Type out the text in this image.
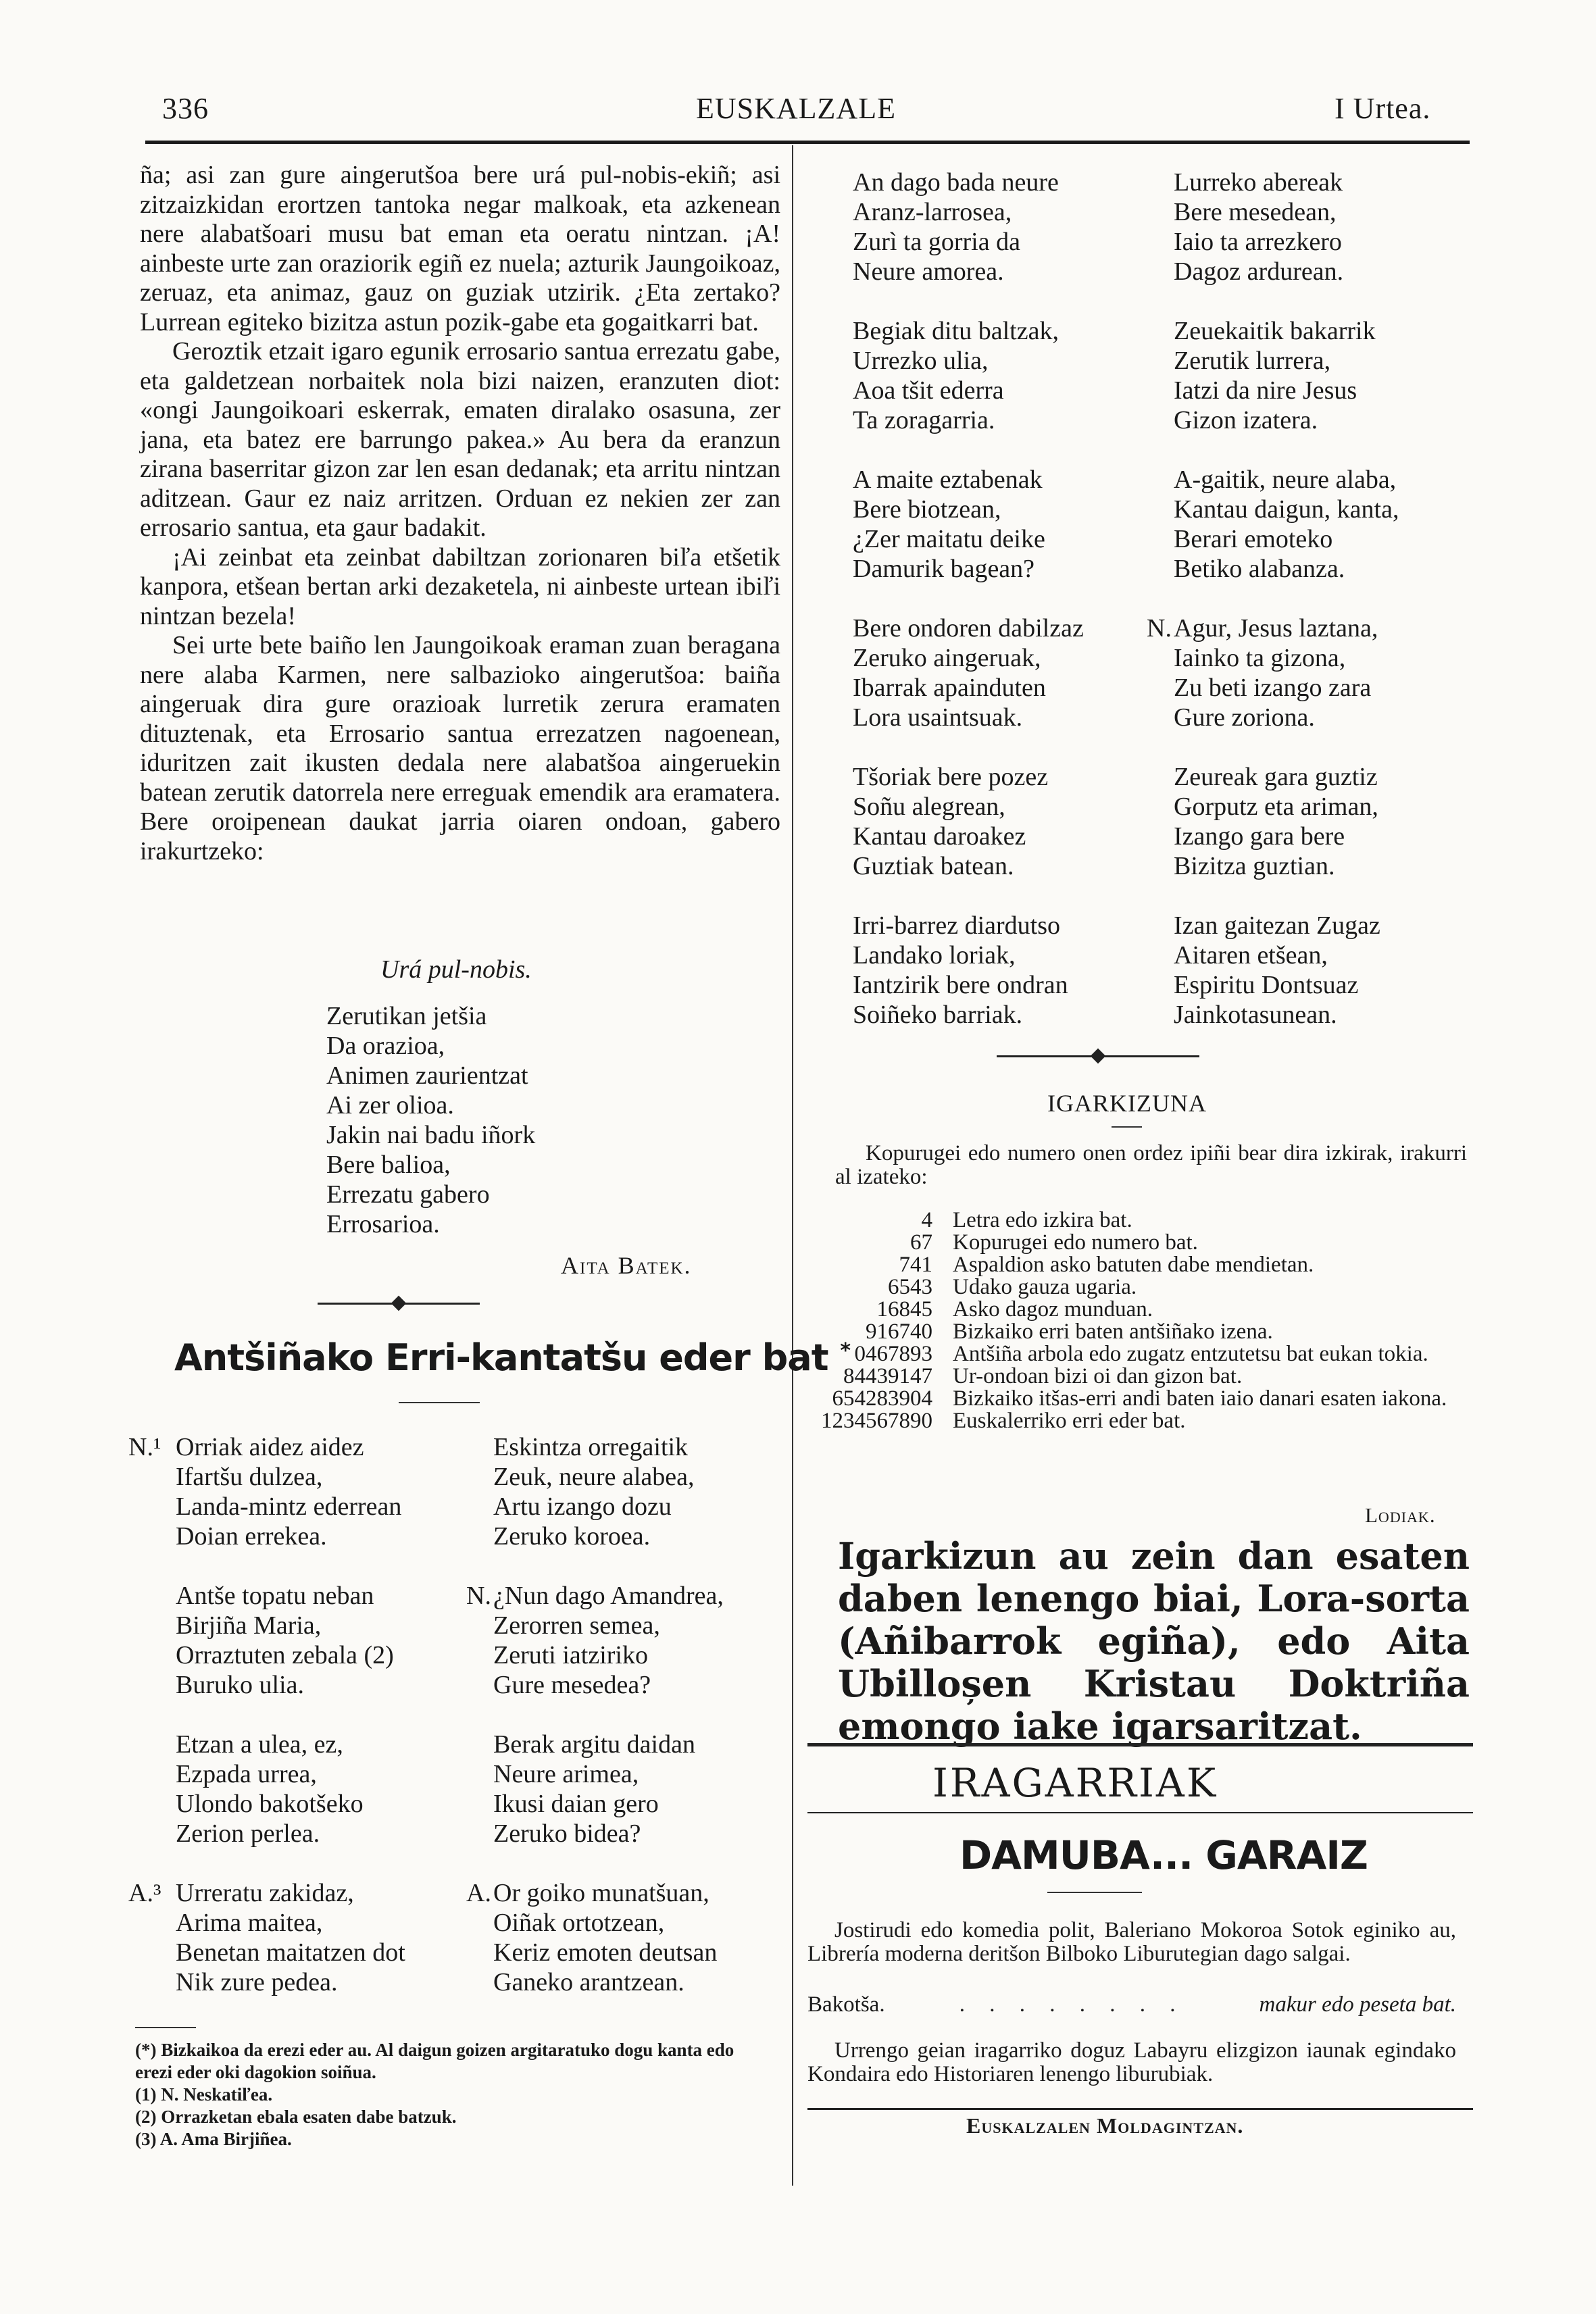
336	EUSKALZALE	I Urtea.

ña; asi zan gure aingerutšoa bere urá pul-nobis-ekiñ; asi zitzaizkidan erortzen tantoka negar malkoak, eta azkenean nere alabatšoari musu bat eman eta oeratu nintzan. ¡A! ainbeste urte zan oraziorik egiñ ez nuela; azturik Jaungoikoaz, zeruaz, eta animaz, gauz on guziak utzirik. ¿Eta zertako? Lurrean egiteko bizitza astun pozik-gabe eta gogaitkarri bat.

Geroztik etzait igaro egunik errosario santua errezatu gabe, eta galdetzean norbaitek nola bizi naizen, eranzuten diot: «ongi Jaungoikoari eskerrak, ematen diralako osasuna, zer jana, eta batez ere barrungo pakea.» Au bera da eranzun zirana baserritar gizon zar len esan dedanak; eta arritu nintzan aditzean. Gaur ez naiz arritzen. Orduan ez nekien zer zan errosario santua, eta gaur badakit.

¡Ai zeinbat eta zeinbat dabiltzan zorionaren biľa etšetik kanpora, etšean bertan arki dezaketela, ni ainbeste urtean ibiľi nintzan bezela!

Sei urte bete baiño len Jaungoikoak eraman zuan beragana nere alaba Karmen, nere salbazioko aingerutšoa: baiña aingeruak dira gure orazioak lurretik zerura eramaten dituztenak, eta Errosario santua errezatzen nagoenean, iduritzen zait ikusten dedala nere alabatšoa aingeruekin batean zerutik datorrela nere erreguak emendik ara eramatera. Bere oroipenean daukat jarria oiaren ondoan, gabero irakurtzeko:

Urá pul-nobis.
Zerutikan jetšia
Da orazioa,
Animen zaurientzat
Ai zer olioa.
Jakin nai badu iñork
Bere balioa,
Errezatu gabero
Errosarioa.
Aita Batek.
Antšiñako Erri-kantatšu eder bat *
N.¹ Orriak aidez aidez
Ifartšu dulzea,
Landa-mintz ederrean
Doian errekea.
Eskintza orregaitik
Zeuk, neure alabea,
Artu izango dozu
Zeruko koroea.
Antše topatu neban
Birjiña Maria,
Orraztuten zebala (2)
Buruko ulia.
N. ¿Nun dago Amandrea,
Zerorren semea,
Zeruti iatziriko
Gure mesedea?
Etzan a ulea, ez,
Ezpada urrea,
Ulondo bakotšeko
Zerion perlea.
Berak argitu daidan
Neure arimea,
Ikusi daian gero
Zeruko bidea?
A.³ Urreratu zakidaz,
Arima maitea,
Benetan maitatzen dot
Nik zure pedea.
A. Or goiko munatšuan,
Oiñak ortotzean,
Keriz emoten deutsan
Ganeko arantzean.
(*) Bizkaikoa da erezi eder au. Al daigun goizen argitaratuko dogu kanta edo erezi eder oki dagokion soiñua.
(1) N. Neskatiľea.
(2) Orrazketan ebala esaten dabe batzuk.
(3) A. Ama Birjiñea.
An dago bada neure
Aranz-larrosea,
Zurì ta gorria da
Neure amorea.
Lurreko abereak
Bere mesedean,
Iaio ta arrezkero
Dagoz ardurean.
Begiak ditu baltzak,
Urrezko ulia,
Aoa tšit ederra
Ta zoragarria.
Zeuekaitik bakarrik
Zerutik lurrera,
Iatzi da nire Jesus
Gizon izatera.
A maite eztabenak
Bere biotzean,
¿Zer maitatu deike
Damurik bagean?
A-gaitik, neure alaba,
Kantau daigun, kanta,
Berari emoteko
Betiko alabanza.
Bere ondoren dabilzaz
Zeruko aingeruak,
Ibarrak apainduten
Lora usaintsuak.
N. Agur, Jesus laztana,
Iainko ta gizona,
Zu beti izango zara
Gure zoriona.
Tšoriak bere pozez
Soñu alegrean,
Kantau daroakez
Guztiak batean.
Zeureak gara guztiz
Gorputz eta ariman,
Izango gara bere
Bizitza guztian.
Irri-barrez diardutso
Landako loriak,
Iantzirik bere ondran
Soiñeko barriak.
Izan gaitezan Zugaz
Aitaren etšean,
Espiritu Dontsuaz
Jainkotasunean.
IGARKIZUNA
Kopurugei edo numero onen ordez ipiñi bear dira izkirak, irakurri al izateko:
4 Letra edo izkira bat.
67 Kopurugei edo numero bat.
741 Aspaldion asko batuten dabe mendietan.
6543 Udako gauza ugaria.
16845 Asko dagoz munduan.
916740 Bizkaiko erri baten antšiñako izena.
0467893 Antšiña arbola edo zugatz entzutetsu bat eukan tokia.
84439147 Ur-ondoan bizi oi dan gizon bat.
654283904 Bizkaiko itšas-erri andi baten iaio danari esaten iakona.
1234567890 Euskalerriko erri eder bat.
Lodiak.
Igarkizun au zein dan esaten daben lenengo biai, Lora-sorta (Añibarrok egiña), edo Aita Ubilloșen Kristau Doktriña emongo iake igarsaritzat.
IRAGARRIAK
DAMUBA... GARAIZ
Jostirudi edo komedia polit, Baleriano Mokoroa Sotok eginiko au, Librería moderna deritšon Bilboko Liburutegian dago salgai.
Bakotša.	. . . . . . . .	makur edo peseta bat.
Urrengo geian iragarriko doguz Labayru elizgizon iaunak egindako Kondaira edo Historiaren lenengo liburubiak.
Euskalzalen Moldagintzan.
